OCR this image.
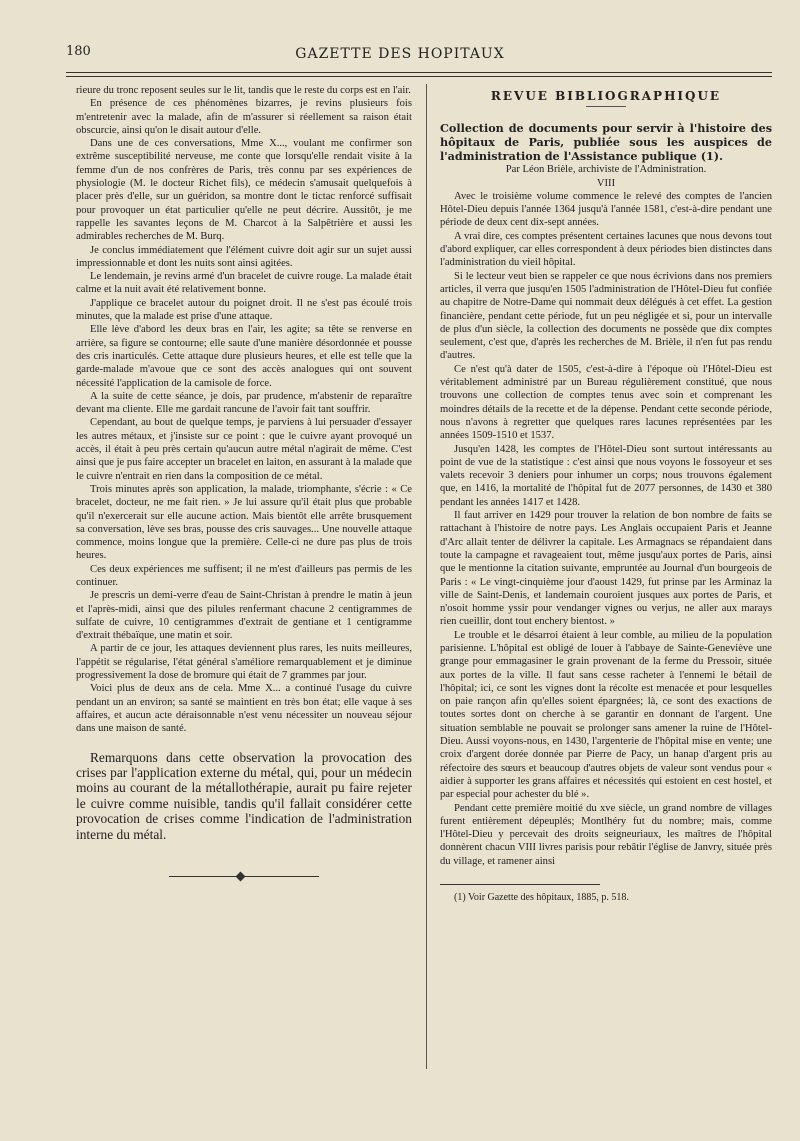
180	GAZETTE DES HOPITAUX

rieure du tronc reposent seules sur le lit, tandis que le reste du corps est en l'air.

En présence de ces phénomènes bizarres, je revins plusieurs fois m'entretenir avec la malade, afin de m'assurer si réellement sa raison était obscurcie, ainsi qu'on le disait autour d'elle.

Dans une de ces conversations, Mme X..., voulant me confirmer son extrême susceptibilité nerveuse, me conte que lorsqu'elle rendait visite à la femme d'un de nos confrères de Paris, très connu par ses expériences de physiologie (M. le docteur Richet fils), ce médecin s'amusait quelquefois à placer près d'elle, sur un guéridon, sa montre dont le tictac renforcé suffisait pour provoquer un état particulier qu'elle ne peut décrire. Aussitôt, je me rappelle les savantes leçons de M. Charcot à la Salpêtrière et aussi les admirables recherches de M. Burq.

Je conclus immédiatement que l'élément cuivre doit agir sur un sujet aussi impressionnable et dont les nuits sont ainsi agitées.

Le lendemain, je revins armé d'un bracelet de cuivre rouge. La malade était calme et la nuit avait été relativement bonne.

J'applique ce bracelet autour du poignet droit. Il ne s'est pas écoulé trois minutes, que la malade est prise d'une attaque.

Elle lève d'abord les deux bras en l'air, les agite; sa tête se renverse en arrière, sa figure se contourne; elle saute d'une manière désordonnée et pousse des cris inarticulés. Cette attaque dure plusieurs heures, et elle est telle que la garde-malade m'avoue que ce sont des accès analogues qui ont souvent nécessité l'application de la camisole de force.

A la suite de cette séance, je dois, par prudence, m'abstenir de reparaître devant ma cliente. Elle me gardait rancune de l'avoir fait tant souffrir.

Cependant, au bout de quelque temps, je parviens à lui persuader d'essayer les autres métaux, et j'insiste sur ce point : que le cuivre ayant provoqué un accès, il était à peu près certain qu'aucun autre métal n'agirait de même. C'est ainsi que je pus faire accepter un bracelet en laiton, en assurant à la malade que le cuivre n'entrait en rien dans la composition de ce métal.

Trois minutes après son application, la malade, triomphante, s'écrie : « Ce bracelet, docteur, ne me fait rien. » Je lui assure qu'il était plus que probable qu'il n'exercerait sur elle aucune action. Mais bientôt elle arrête brusquement sa conversation, lève ses bras, pousse des cris sauvages... Une nouvelle attaque commence, moins longue que la première. Celle-ci ne dure pas plus de trois heures.

Ces deux expériences me suffisent; il ne m'est d'ailleurs pas permis de les continuer.

Je prescris un demi-verre d'eau de Saint-Christan à prendre le matin à jeun et l'après-midi, ainsi que des pilules renfermant chacune 2 centigrammes de sulfate de cuivre, 10 centigrammes d'extrait de gentiane et 1 centigramme d'extrait thébaïque, une matin et soir.

A partir de ce jour, les attaques deviennent plus rares, les nuits meilleures, l'appétit se régularise, l'état général s'améliore remarquablement et je diminue progressivement la dose de bromure qui était de 7 grammes par jour.

Voici plus de deux ans de cela. Mme X... a continué l'usage du cuivre pendant un an environ; sa santé se maintient en très bon état; elle vaque à ses affaires, et aucun acte déraisonnable n'est venu nécessiter un nouveau séjour dans une maison de santé.

Remarquons dans cette observation la provocation des crises par l'application externe du métal, qui, pour un médecin moins au courant de la métallothérapie, aurait pu faire rejeter le cuivre comme nuisible, tandis qu'il fallait considérer cette provocation de crises comme l'indication de l'administration interne du métal.

REVUE BIBLIOGRAPHIQUE

Collection de documents pour servir à l'histoire des hôpitaux de Paris, publiée sous les auspices de l'administration de l'Assistance publique (1).

Par Léon Brièle, archiviste de l'Administration.

VIII

Avec le troisième volume commence le relevé des comptes de l'ancien Hôtel-Dieu depuis l'année 1364 jusqu'à l'année 1581, c'est-à-dire pendant une période de deux cent dix-sept années.

A vrai dire, ces comptes présentent certaines lacunes que nous devons tout d'abord expliquer, car elles correspondent à deux périodes bien distinctes dans l'administration du vieil hôpital.

Si le lecteur veut bien se rappeler ce que nous écrivions dans nos premiers articles, il verra que jusqu'en 1505 l'administration de l'Hôtel-Dieu fut confiée au chapitre de Notre-Dame qui nommait deux délégués à cet effet. La gestion financière, pendant cette période, fut un peu négligée et si, pour un intervalle de plus d'un siècle, la collection des documents ne possède que dix comptes seulement, c'est que, d'après les recherches de M. Brièle, il n'en fut pas rendu d'autres.

Ce n'est qu'à dater de 1505, c'est-à-dire à l'époque où l'Hôtel-Dieu est véritablement administré par un Bureau régulièrement constitué, que nous trouvons une collection de comptes tenus avec soin et comprenant les moindres détails de la recette et de la dépense. Pendant cette seconde période, nous n'avons à regretter que quelques rares lacunes représentées par les années 1509-1510 et 1537.

Jusqu'en 1428, les comptes de l'Hôtel-Dieu sont surtout intéressants au point de vue de la statistique : c'est ainsi que nous voyons le fossoyeur et ses valets recevoir 3 deniers pour inhumer un corps; nous trouvons également que, en 1416, la mortalité de l'hôpital fut de 2077 personnes, de 1430 et 380 pendant les années 1417 et 1428.

Il faut arriver en 1429 pour trouver la relation de bon nombre de faits se rattachant à l'histoire de notre pays. Les Anglais occupaient Paris et Jeanne d'Arc allait tenter de délivrer la capitale. Les Armagnacs se répandaient dans toute la campagne et ravageaient tout, même jusqu'aux portes de Paris, ainsi que le mentionne la citation suivante, empruntée au Journal d'un bourgeois de Paris : « Le vingt-cinquième jour d'aoust 1429, fut prinse par les Arminaz la ville de Saint-Denis, et landemain couroient jusques aux portes de Paris, et n'osoit homme yssir pour vendanger vignes ou verjus, ne aller aux marays rien cueillir, dont tout enchery bientost. »

Le trouble et le désarroi étaient à leur comble, au milieu de la population parisienne. L'hôpital est obligé de louer à l'abbaye de Sainte-Geneviève une grange pour emmagasiner le grain provenant de la ferme du Pressoir, située aux portes de la ville. Il faut sans cesse racheter à l'ennemi le bétail de l'hôpital; ici, ce sont les vignes dont la récolte est menacée et pour lesquelles on paie rançon afin qu'elles soient épargnées; là, ce sont des exactions de toutes sortes dont on cherche à se garantir en donnant de l'argent. Une situation semblable ne pouvait se prolonger sans amener la ruine de l'Hôtel-Dieu. Aussi voyons-nous, en 1430, l'argenterie de l'hôpital mise en vente; une croix d'argent dorée donnée par Pierre de Pacy, un hanap d'argent pris au réfectoire des sœurs et beaucoup d'autres objets de valeur sont vendus pour « aidier à supporter les grans affaires et nécessités qui estoient en cest hostel, et par especial pour achester du blé ».

Pendant cette première moitié du xve siècle, un grand nombre de villages furent entièrement dépeuplés; Montlhéry fut du nombre; mais, comme l'Hôtel-Dieu y percevait des droits seigneuriaux, les maîtres de l'hôpital donnèrent chacun VIII livres parisis pour rebâtir l'église de Janvry, située près du village, et ramener ainsi

(1) Voir Gazette des hôpitaux, 1885, p. 518.
